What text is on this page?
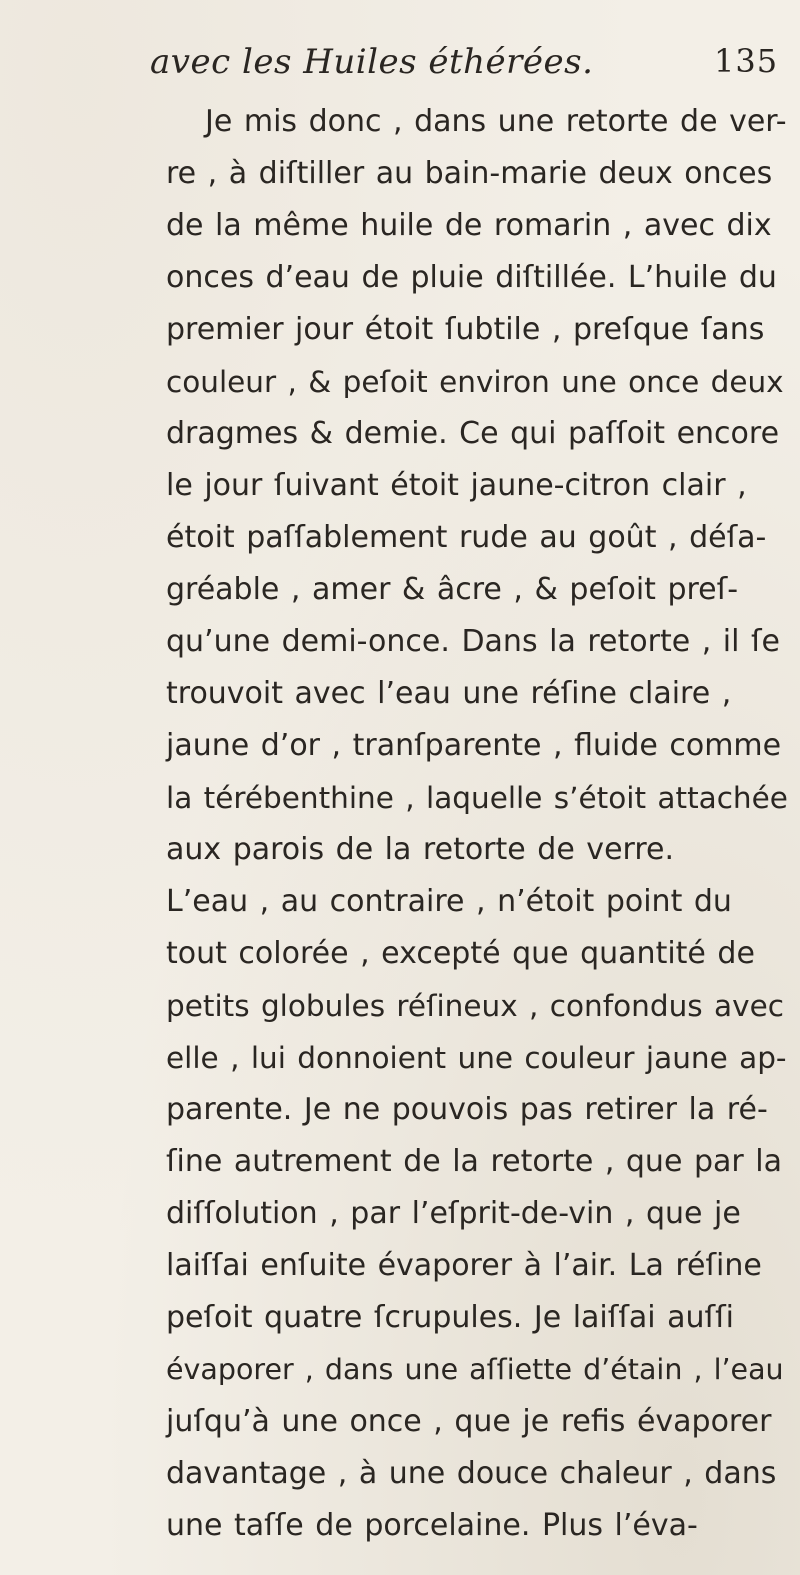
avec les Huiles éthérées.	135
Je mis donc , dans une retorte de ver-
re , à diſtiller au bain-marie deux onces
de la même huile de romarin , avec dix
onces d’eau de pluie diſtillée. L’huile du
premier jour étoit ſubtile , preſque ſans
couleur , & peſoit environ une once deux
dragmes & demie. Ce qui paſſoit encore
le jour ſuivant étoit jaune-citron clair ,
étoit paſſablement rude au goût , déſa-
gréable , amer & âcre , & peſoit preſ-
qu’une demi-once. Dans la retorte , il ſe
trouvoit avec l’eau une réſine claire ,
jaune d’or , tranſparente , fluide comme
la térébenthine , laquelle s’étoit attachée
aux parois de la retorte de verre.
L’eau , au contraire , n’étoit point du
tout colorée , excepté que quantité de
petits globules réſineux , confondus avec
elle , lui donnoient une couleur jaune ap-
parente. Je ne pouvois pas retirer la ré-
ſine autrement de la retorte , que par la
diſſolution , par l’eſprit-de-vin , que je
laiſſai enſuite évaporer à l’air. La réſine
peſoit quatre ſcrupules. Je laiſſai auſſi
évaporer , dans une aſſiette d’étain , l’eau
juſqu’à une once , que je refis évaporer
davantage , à une douce chaleur , dans
une taſſe de porcelaine. Plus l’éva-
